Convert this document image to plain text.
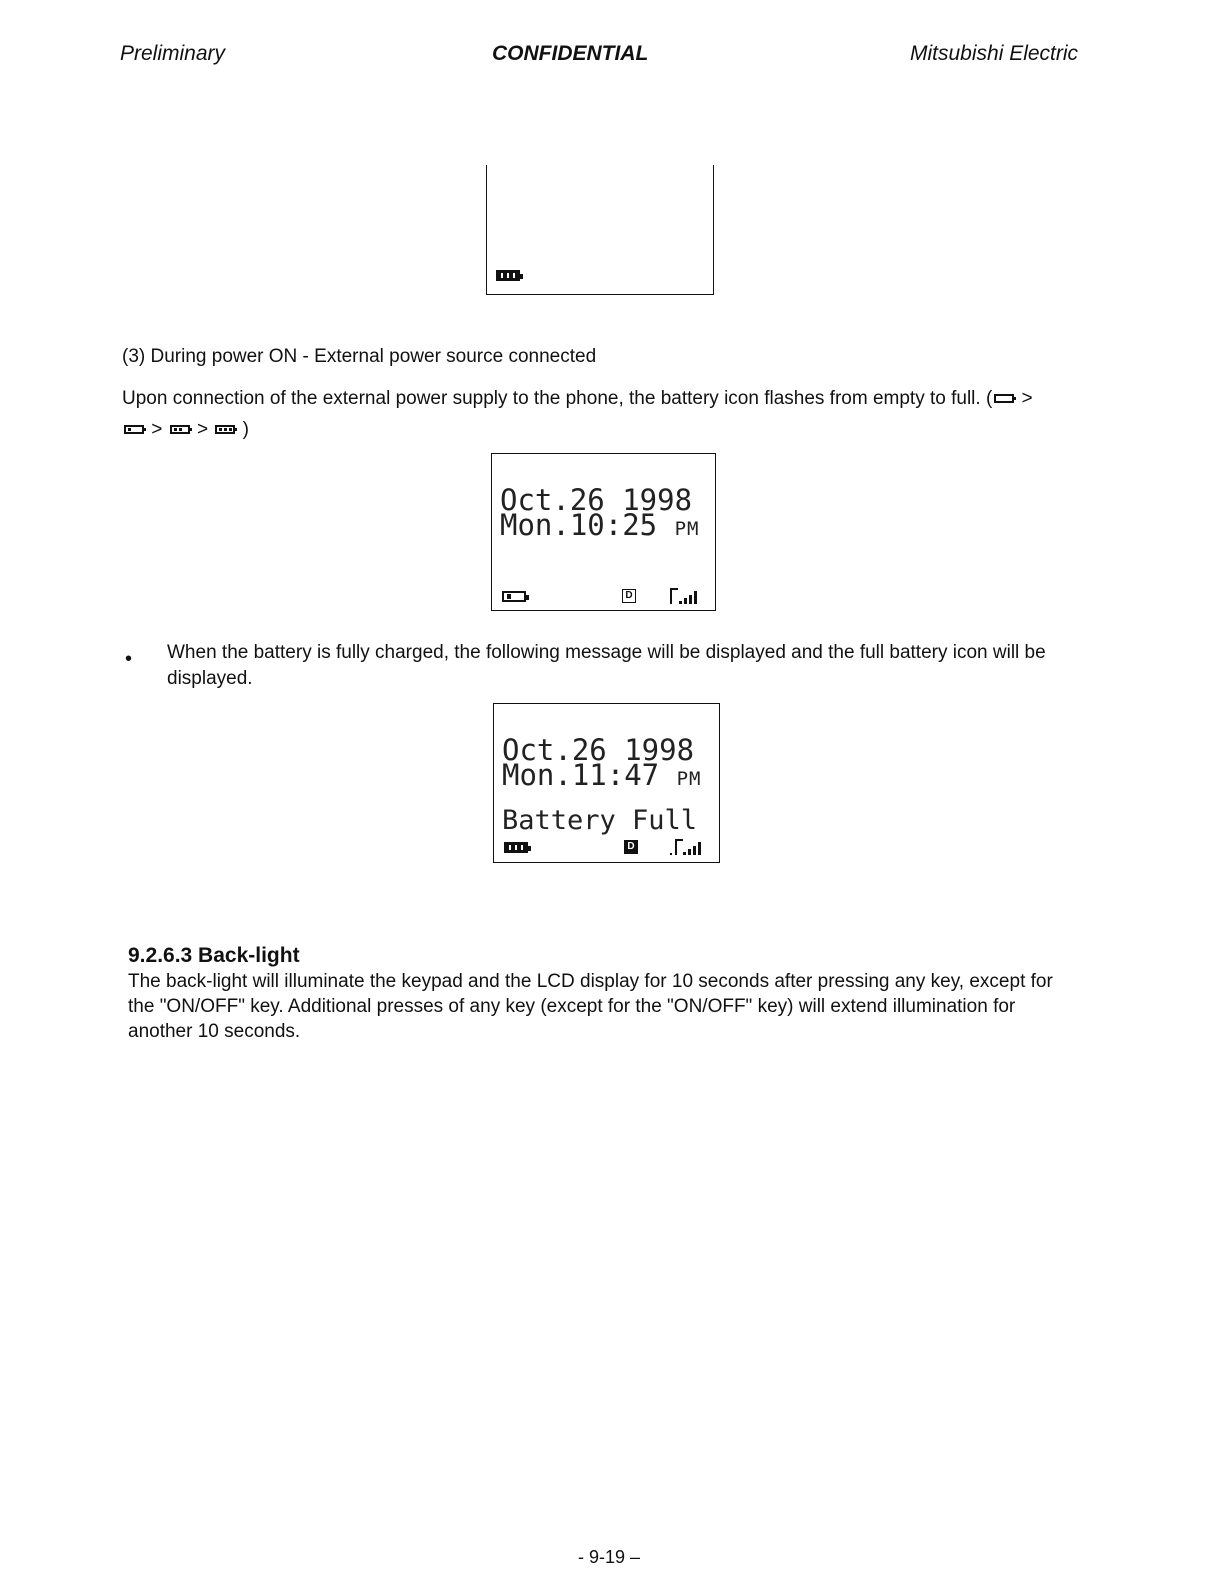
Preliminary	CONFIDENTIAL	Mitsubishi Electric
(3) During power ON - External power source connected
Upon connection of the external power supply to the phone, the battery icon flashes from empty to full. ( >
> > )
Oct.26 1998
Mon.10:25 PM
D
• When the battery is fully charged, the following message will be displayed and the full battery icon will be
displayed.
Oct.26 1998
Mon.11:47 PM
Battery Full
D
9.2.6.3 Back-light
The back-light will illuminate the keypad and the LCD display for 10 seconds after pressing any key, except for
the "ON/OFF" key. Additional presses of any key (except for the "ON/OFF" key) will extend illumination for
another 10 seconds.
- 9-19 –
